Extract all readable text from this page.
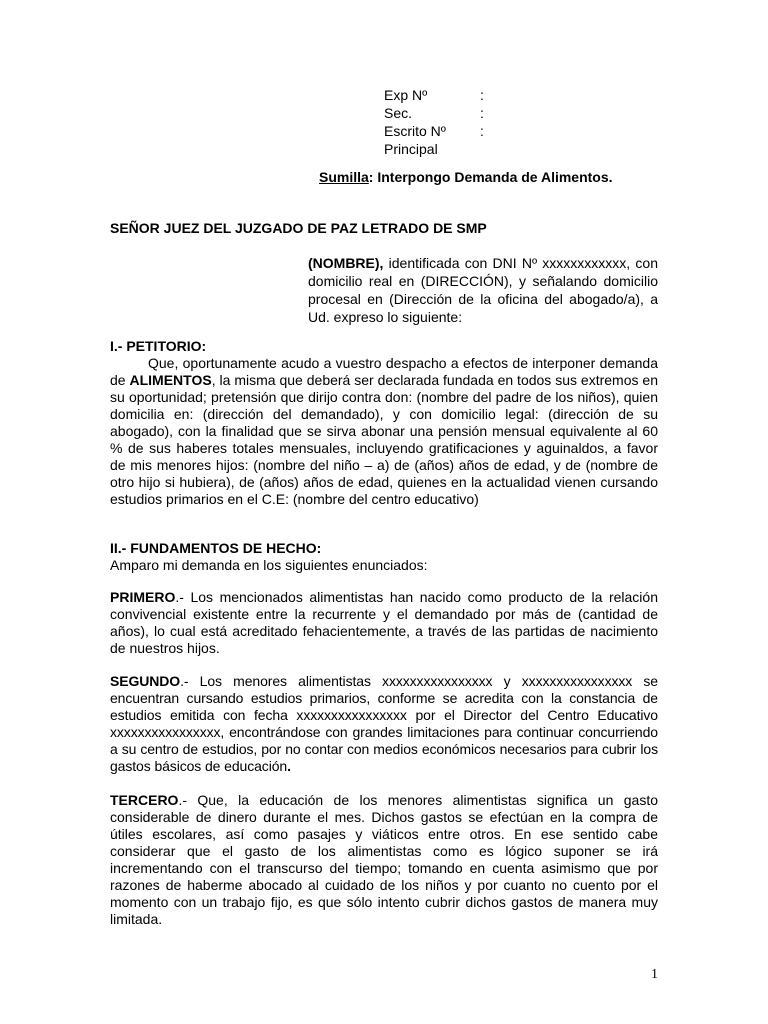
Exp Nº	:
Sec.	:
Escrito Nº	:
Principal
Sumilla: Interpongo Demanda de Alimentos.
SEÑOR JUEZ DEL JUZGADO DE PAZ LETRADO DE SMP
(NOMBRE), identificada con DNI Nº xxxxxxxxxxxx, con domicilio real en (DIRECCIÓN), y señalando domicilio procesal en (Dirección de la oficina del abogado/a), a Ud. expreso lo siguiente:

I.- PETITORIO:

Que, oportunamente acudo a vuestro despacho a efectos de interponer demanda de ALIMENTOS, la misma que deberá ser declarada fundada en todos sus extremos en su oportunidad; pretensión que dirijo contra don: (nombre del padre de los niños), quien domicilia en: (dirección del demandado), y con domicilio legal: (dirección de su abogado), con la finalidad que se sirva abonar una pensión mensual equivalente al 60 % de sus haberes totales mensuales, incluyendo gratificaciones y aguinaldos, a favor de mis menores hijos: (nombre del niño – a) de (años) años de edad, y de (nombre de otro hijo si hubiera), de (años) años de edad, quienes en la actualidad vienen cursando estudios primarios en el C.E: (nombre del centro educativo)

II.- FUNDAMENTOS DE HECHO:

Amparo mi demanda en los siguientes enunciados:

PRIMERO.- Los mencionados alimentistas han nacido como producto de la relación convivencial existente entre la recurrente y el demandado por más de (cantidad de años), lo cual está acreditado fehacientemente, a través de las partidas de nacimiento de nuestros hijos.
SEGUNDO.- Los menores alimentistas xxxxxxxxxxxxxxxx y xxxxxxxxxxxxxxxx se encuentran cursando estudios primarios, conforme se acredita con la constancia de estudios emitida con fecha xxxxxxxxxxxxxxxx por el Director del Centro Educativo xxxxxxxxxxxxxxxx, encontrándose con grandes limitaciones para continuar concurriendo a su centro de estudios, por no contar con medios económicos necesarios para cubrir los gastos básicos de educación.
TERCERO.- Que, la educación de los menores alimentistas significa un gasto considerable de dinero durante el mes. Dichos gastos se efectúan en la compra de útiles escolares, así como pasajes y viáticos entre otros. En ese sentido cabe considerar que el gasto de los alimentistas como es lógico suponer se irá incrementando con el transcurso del tiempo; tomando en cuenta asimismo que por razones de haberme abocado al cuidado de los niños y por cuanto no cuento por el momento con un trabajo fijo, es que sólo intento cubrir dichos gastos de manera muy limitada.
1
